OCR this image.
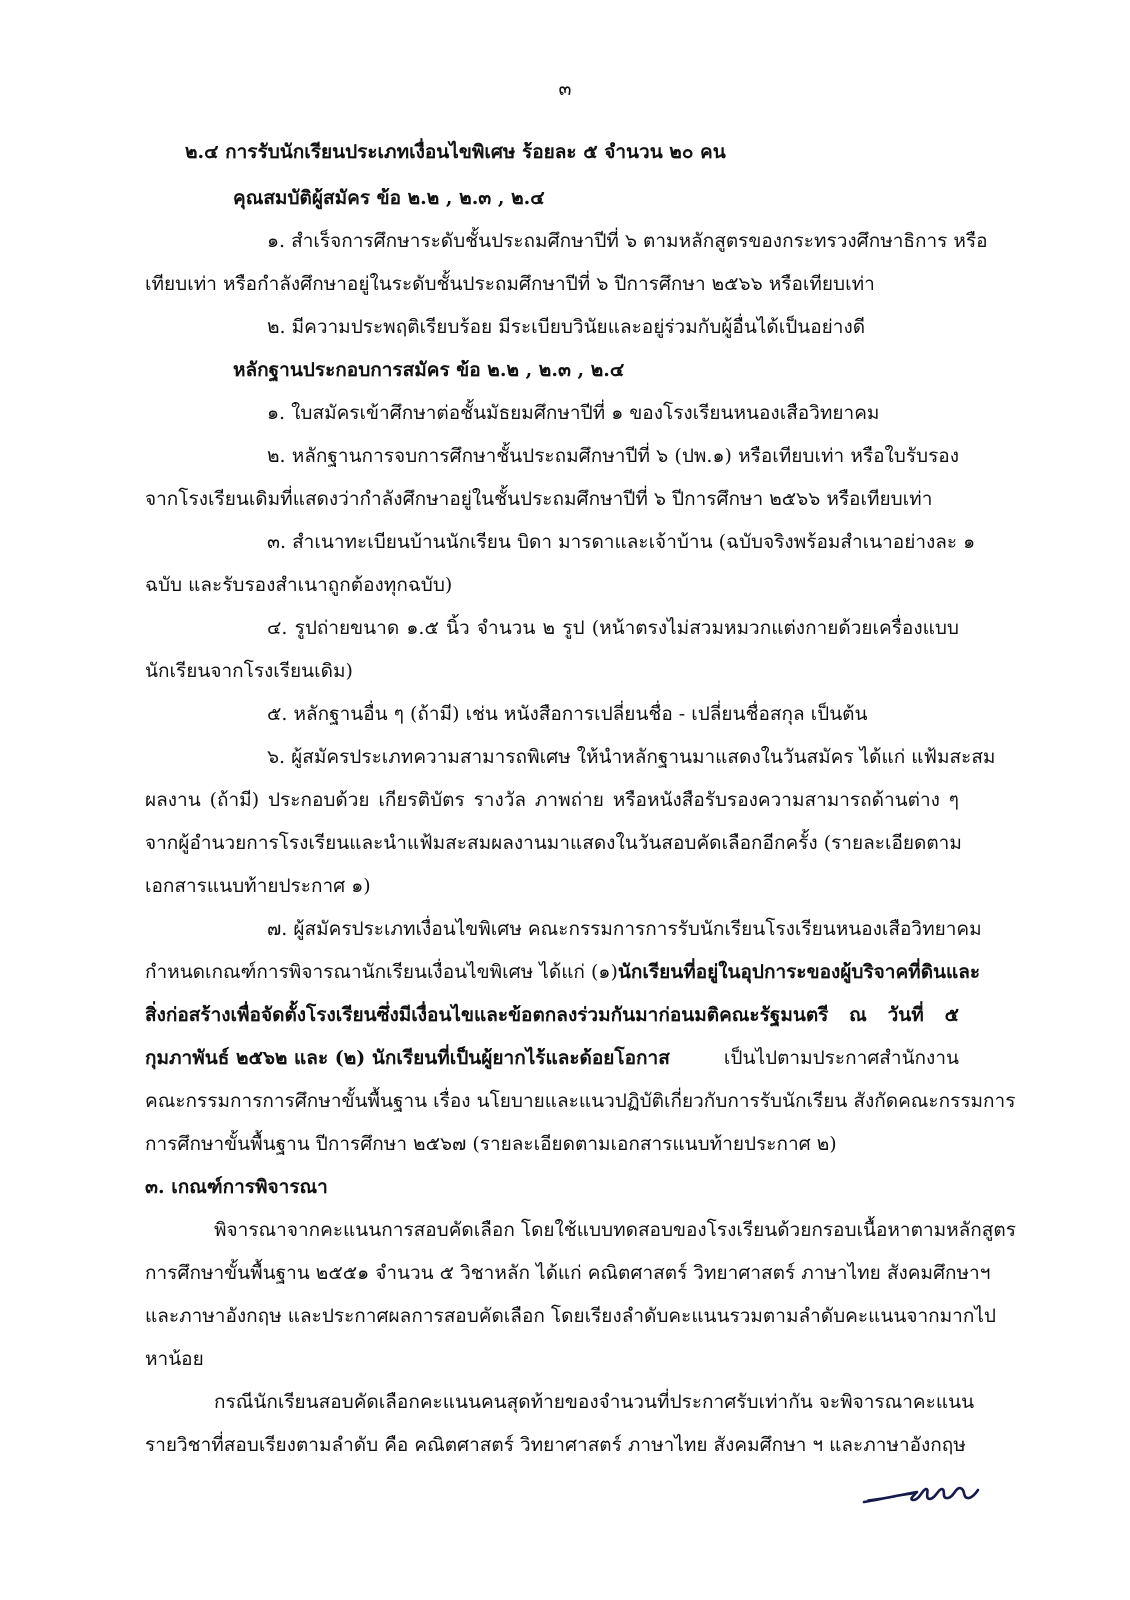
๓
๒.๔ การรับนักเรียนประเภทเงื่อนไขพิเศษ ร้อยละ ๕ จำนวน ๒๐ คน
คุณสมบัติผู้สมัคร ข้อ ๒.๒ , ๒.๓ , ๒.๔
๑. สำเร็จการศึกษาระดับชั้นประถมศึกษาปีที่ ๖ ตามหลักสูตรของกระทรวงศึกษาธิการ หรือ
เทียบเท่า หรือกำลังศึกษาอยู่ในระดับชั้นประถมศึกษาปีที่ ๖ ปีการศึกษา ๒๕๖๖ หรือเทียบเท่า
๒. มีความประพฤติเรียบร้อย มีระเบียบวินัยและอยู่ร่วมกับผู้อื่นได้เป็นอย่างดี
หลักฐานประกอบการสมัคร ข้อ ๒.๒ , ๒.๓ , ๒.๔
๑. ใบสมัครเข้าศึกษาต่อชั้นมัธยมศึกษาปีที่ ๑ ของโรงเรียนหนองเสือวิทยาคม
๒. หลักฐานการจบการศึกษาชั้นประถมศึกษาปีที่ ๖ (ปพ.๑) หรือเทียบเท่า หรือใบรับรอง
จากโรงเรียนเดิมที่แสดงว่ากำลังศึกษาอยู่ในชั้นประถมศึกษาปีที่ ๖ ปีการศึกษา ๒๕๖๖ หรือเทียบเท่า
๓. สำเนาทะเบียนบ้านนักเรียน บิดา มารดาและเจ้าบ้าน (ฉบับจริงพร้อมสำเนาอย่างละ ๑
ฉบับ และรับรองสำเนาถูกต้องทุกฉบับ)
๔. รูปถ่ายขนาด ๑.๕ นิ้ว จำนวน ๒ รูป (หน้าตรงไม่สวมหมวกแต่งกายด้วยเครื่องแบบ
นักเรียนจากโรงเรียนเดิม)
๕. หลักฐานอื่น ๆ (ถ้ามี) เช่น หนังสือการเปลี่ยนชื่อ - เปลี่ยนชื่อสกุล เป็นต้น
๖. ผู้สมัครประเภทความสามารถพิเศษ ให้นำหลักฐานมาแสดงในวันสมัคร ได้แก่ แฟ้มสะสม
ผลงาน (ถ้ามี) ประกอบด้วย เกียรติบัตร รางวัล ภาพถ่าย หรือหนังสือรับรองความสามารถด้านต่าง ๆ
จากผู้อำนวยการโรงเรียนและนำแฟ้มสะสมผลงานมาแสดงในวันสอบคัดเลือกอีกครั้ง (รายละเอียดตาม
เอกสารแนบท้ายประกาศ ๑)
๗. ผู้สมัครประเภทเงื่อนไขพิเศษ คณะกรรมการการรับนักเรียนโรงเรียนหนองเสือวิทยาคม
กำหนดเกณฑ์การพิจารณานักเรียนเงื่อนไขพิเศษ ได้แก่ (๑) นักเรียนที่อยู่ในอุปการะของผู้บริจาคที่ดินและ
สิ่งก่อสร้างเพื่อจัดตั้งโรงเรียนซึ่งมีเงื่อนไขและข้อตกลงร่วมกันมาก่อนมติคณะรัฐมนตรี ณ วันที่ ๕
กุมภาพันธ์ ๒๕๖๒ และ (๒) นักเรียนที่เป็นผู้ยากไร้และด้อยโอกาส	เป็นไปตามประกาศสำนักงาน
คณะกรรมการการศึกษาขั้นพื้นฐาน เรื่อง นโยบายและแนวปฏิบัติเกี่ยวกับการรับนักเรียน สังกัดคณะกรรมการ
การศึกษาขั้นพื้นฐาน ปีการศึกษา ๒๕๖๗ (รายละเอียดตามเอกสารแนบท้ายประกาศ ๒)
๓. เกณฑ์การพิจารณา
พิจารณาจากคะแนนการสอบคัดเลือก โดยใช้แบบทดสอบของโรงเรียนด้วยกรอบเนื้อหาตามหลักสูตร
การศึกษาขั้นพื้นฐาน ๒๕๕๑ จำนวน ๕ วิชาหลัก ได้แก่ คณิตศาสตร์ วิทยาศาสตร์ ภาษาไทย สังคมศึกษาฯ
และภาษาอังกฤษ และประกาศผลการสอบคัดเลือก โดยเรียงลำดับคะแนนรวมตามลำดับคะแนนจากมากไป
หาน้อย
กรณีนักเรียนสอบคัดเลือกคะแนนคนสุดท้ายของจำนวนที่ประกาศรับเท่ากัน จะพิจารณาคะแนน
รายวิชาที่สอบเรียงตามลำดับ คือ คณิตศาสตร์ วิทยาศาสตร์ ภาษาไทย สังคมศึกษา ฯ และภาษาอังกฤษ
